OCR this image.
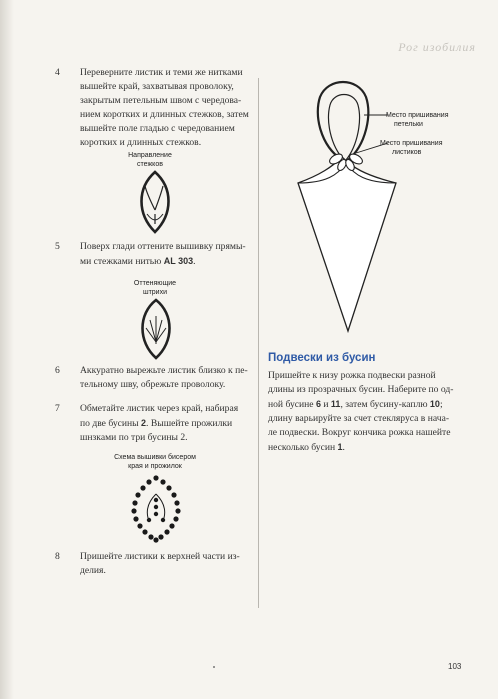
Рог изобилия
4	Переверните листик и теми же нитками
вышейте край, захватывая проволоку,
закрытым петельным швом с чередова-
нием коротких и длинных стежков, затем
вышейте поле гладью с чередованием
коротких и длинных стежков.
Направление
стежков
5	Поверх глади оттените вышивку прямы-
ми стежками нитью AL 303.
Оттеняющие
штрихи
6	Аккуратно вырежьте листик близко к пе-
тельному шву, обрежьте проволоку.
7	Обметайте листик через край, набирая
по две бусины 2. Вышейте прожилки
шнзками по три бусины 2.
Схема вышивки бисером
края и прожилок
8	Пришейте листики к верхней части из-
делия.
Место пришивания
петельки
Место пришивания
листиков
Подвески из бусин
Пришейте к низу рожка подвески разной
длины из прозрачных бусин. Наберите по од-
ной бусине 6 и 11, затем бусину-каплю 10;
длину варьируйте за счет стекляруса в нача-
ле подвески. Вокруг кончика рожка нашейте
несколько бусин 1.
103
